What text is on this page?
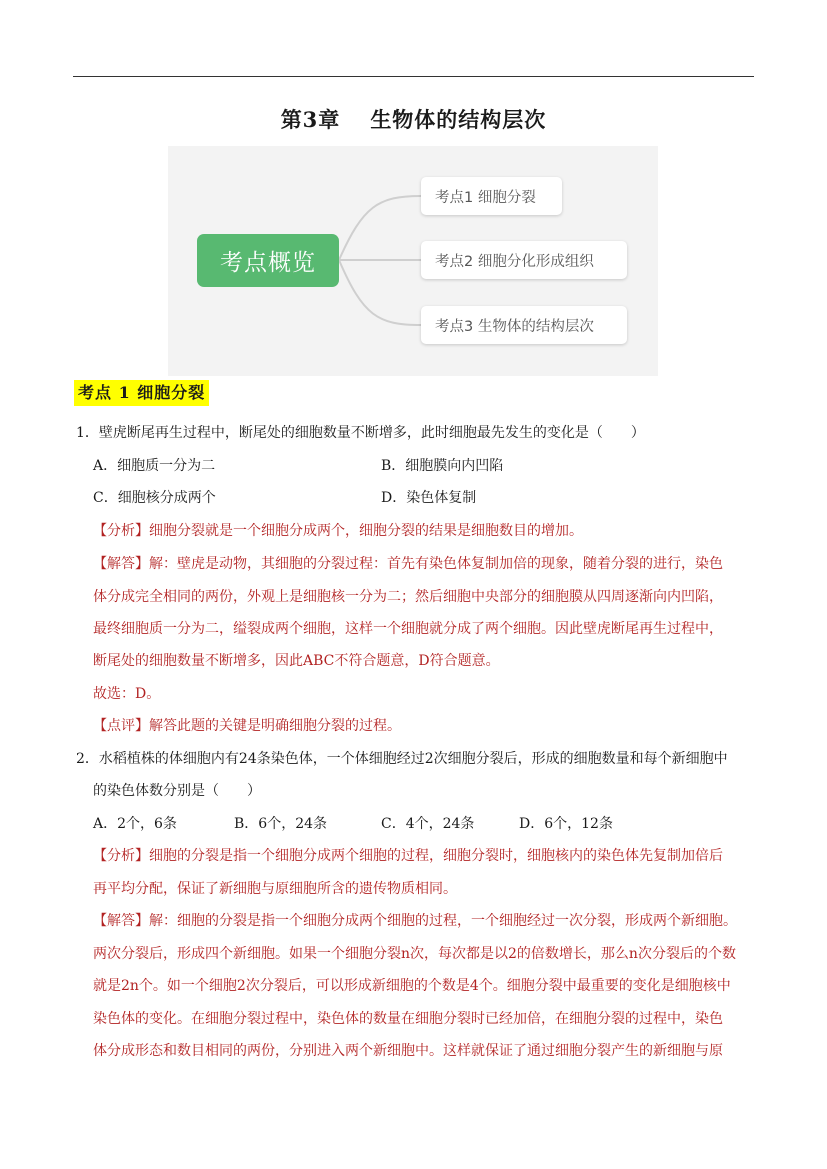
第3章 生物体的结构层次
考点概览
考点1 细胞分裂
考点2 细胞分化形成组织
考点3 生物体的结构层次
考点 1 细胞分裂
1．壁虎断尾再生过程中，断尾处的细胞数量不断增多，此时细胞最先发生的变化是（　　）
A．细胞质一分为二	B．细胞膜向内凹陷
C．细胞核分成两个	D．染色体复制
【分析】细胞分裂就是一个细胞分成两个，细胞分裂的结果是细胞数目的增加。
【解答】解：壁虎是动物，其细胞的分裂过程：首先有染色体复制加倍的现象，随着分裂的进行，染色
体分成完全相同的两份，外观上是细胞核一分为二；然后细胞中央部分的细胞膜从四周逐渐向内凹陷，
最终细胞质一分为二，缢裂成两个细胞，这样一个细胞就分成了两个细胞。因此壁虎断尾再生过程中，
断尾处的细胞数量不断增多，因此ABC不符合题意，D符合题意。
故选：D。
【点评】解答此题的关键是明确细胞分裂的过程。
2．水稻植株的体细胞内有24条染色体，一个体细胞经过2次细胞分裂后，形成的细胞数量和每个新细胞中
的染色体数分别是（　　）
A．2个，6条	B．6个，24条	C．4个，24条	D．6个，12条
【分析】细胞的分裂是指一个细胞分成两个细胞的过程，细胞分裂时，细胞核内的染色体先复制加倍后
再平均分配，保证了新细胞与原细胞所含的遗传物质相同。
【解答】解：细胞的分裂是指一个细胞分成两个细胞的过程，一个细胞经过一次分裂，形成两个新细胞。
两次分裂后，形成四个新细胞。如果一个细胞分裂n次，每次都是以2的倍数增长，那么n次分裂后的个数
就是2n个。如一个细胞2次分裂后，可以形成新细胞的个数是4个。细胞分裂中最重要的变化是细胞核中
染色体的变化。在细胞分裂过程中，染色体的数量在细胞分裂时已经加倍，在细胞分裂的过程中，染色
体分成形态和数目相同的两份，分别进入两个新细胞中。这样就保证了通过细胞分裂产生的新细胞与原
